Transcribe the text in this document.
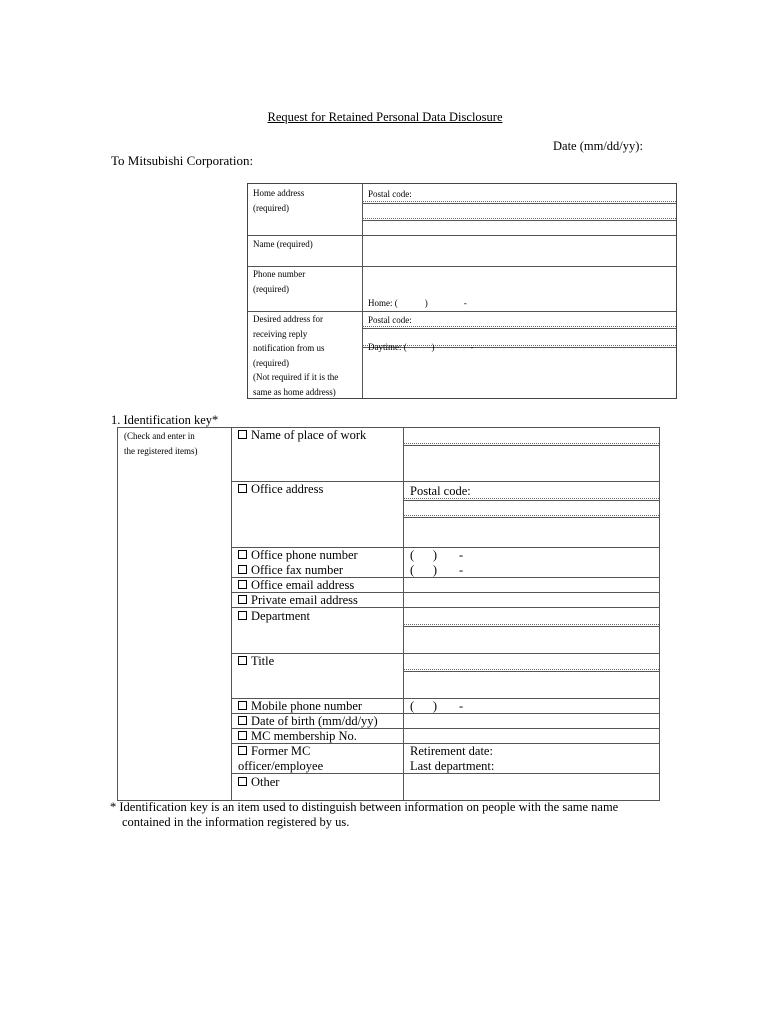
Request for Retained Personal Data Disclosure
Date (mm/dd/yy):
To Mitsubishi Corporation:
Home address
(required)
Postal code:
Name (required)
Phone number
(required)

Home: (            )                -

Daytime: (           )                -

Desired address for
receiving reply
notification from us
(required)
(Not required if it is the
same as home address)
Postal code:
1. Identification key*
(Check and enter in
the registered items)
Name of place of work
Office address	Postal code:
Office phone number
Office fax number
Office email address
Private email address
Department
Title
Mobile phone number
Date of birth (mm/dd/yy)
MC membership No.
Former MC
officer/employee
Other
(      )       -
(      )       -
(      )       -
Retirement date:
Last department:
* Identification key is an item used to distinguish between information on people with the same name
contained in the information registered by us.
